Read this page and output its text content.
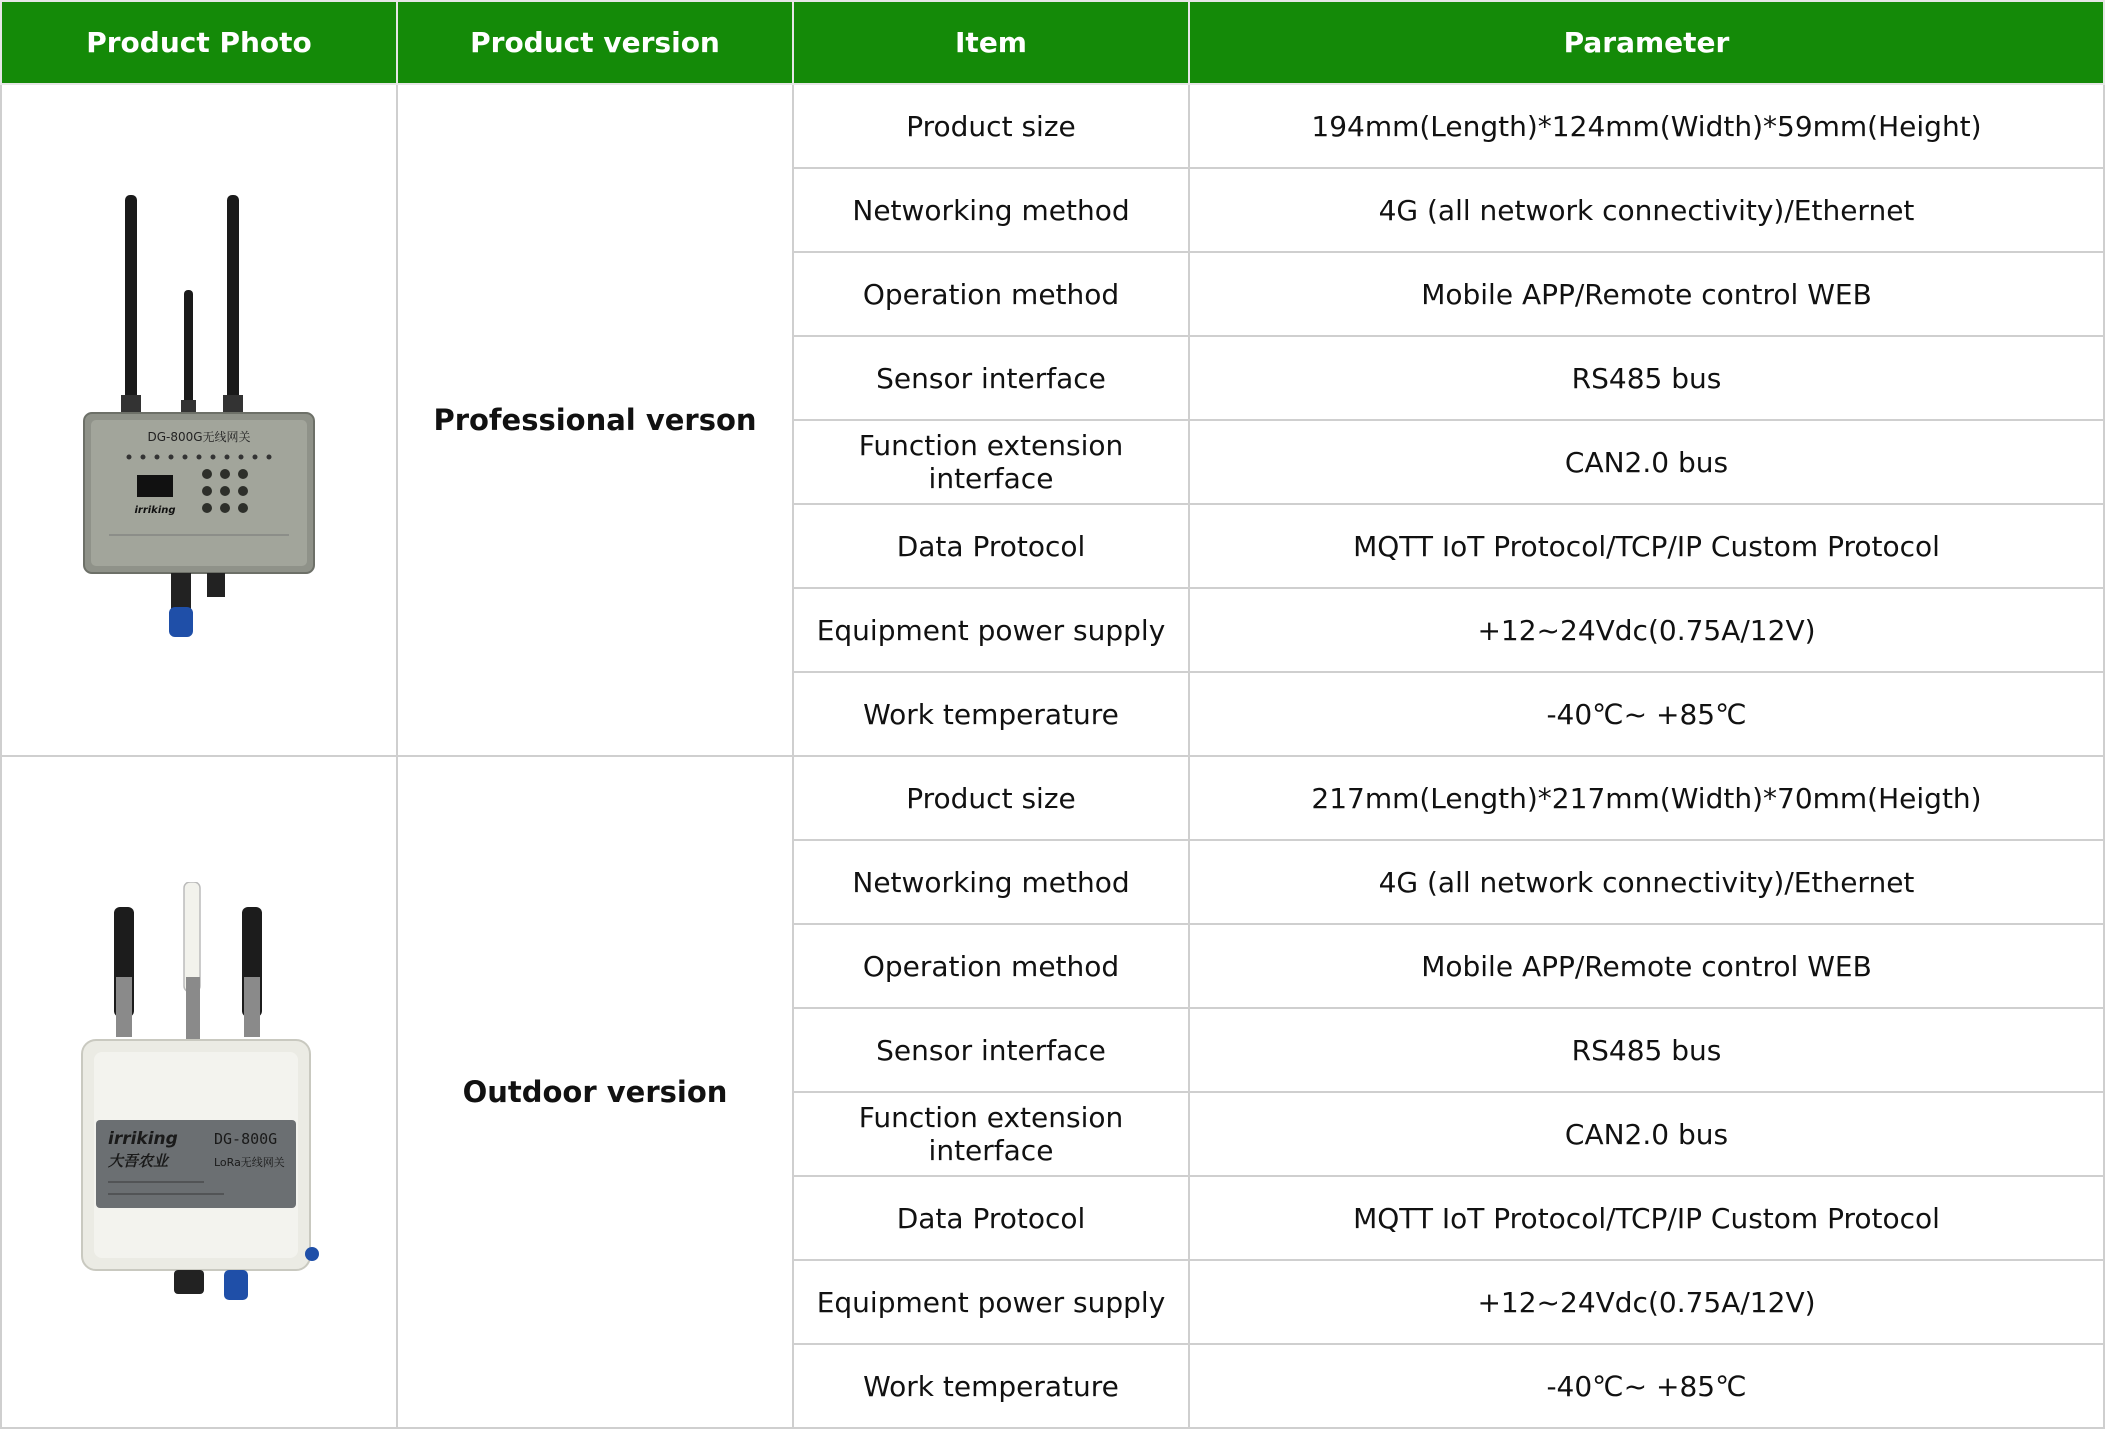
Product Photo	Product version	Item	Parameter

DG-800G无线网关
irriking	Professional verson	Product size	194mm(Length)*124mm(Width)*59mm(Height)
		Networking method	4G (all network connectivity)/Ethernet
		Operation method	Mobile APP/Remote control WEB
		Sensor interface	RS485 bus
		Function extension interface	CAN2.0 bus
		Data Protocol	MQTT IoT Protocol/TCP/IP Custom Protocol
		Equipment power supply	+12~24Vdc(0.75A/12V)
		Work temperature	-40℃~ +85℃

irriking DG-800G
大吾农业 LoRa无线网关	Outdoor version	Product size	217mm(Length)*217mm(Width)*70mm(Heigth)
		Networking method	4G (all network connectivity)/Ethernet
		Operation method	Mobile APP/Remote control WEB
		Sensor interface	RS485 bus
		Function extension interface	CAN2.0 bus
		Data Protocol	MQTT IoT Protocol/TCP/IP Custom Protocol
		Equipment power supply	+12~24Vdc(0.75A/12V)
		Work temperature	-40℃~ +85℃
